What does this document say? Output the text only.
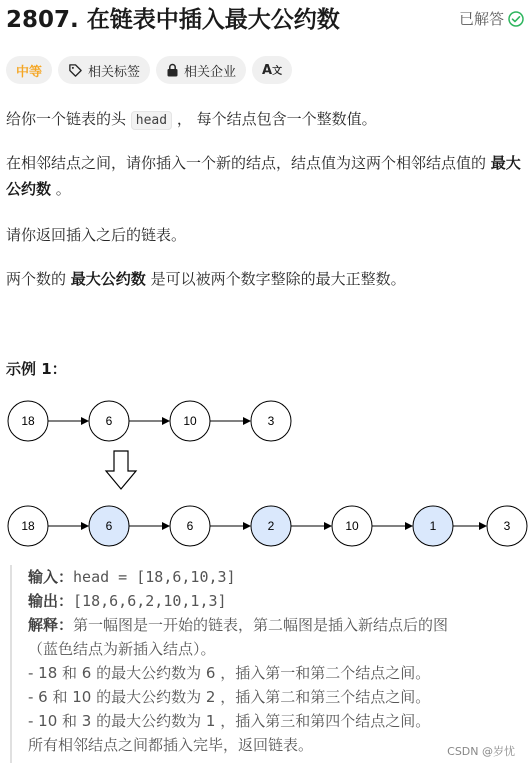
2807. 在链表中插入最大公约数	已解答
中等	相关标签	相关企业 A文
给你一个链表的头 head ， 每个结点包含一个整数值。
在相邻结点之间，请你插入一个新的结点，结点值为这两个相邻结点值的 最大公约数 。
请你返回插入之后的链表。
两个数的 最大公约数 是可以被两个数字整除的最大正整数。
示例 1：
18	6	10	3
18	6	6	2	10	1	3
输入：head = [18,6,10,3]
输出：[18,6,6,2,10,1,3]
解释：第一幅图是一开始的链表，第二幅图是插入新结点后的图
（蓝色结点为新插入结点）。
- 18 和 6 的最大公约数为 6 ，插入第一和第二个结点之间。
- 6 和 10 的最大公约数为 2 ，插入第二和第三个结点之间。
- 10 和 3 的最大公约数为 1 ，插入第三和第四个结点之间。
所有相邻结点之间都插入完毕，返回链表。	CSDN @岁忧
